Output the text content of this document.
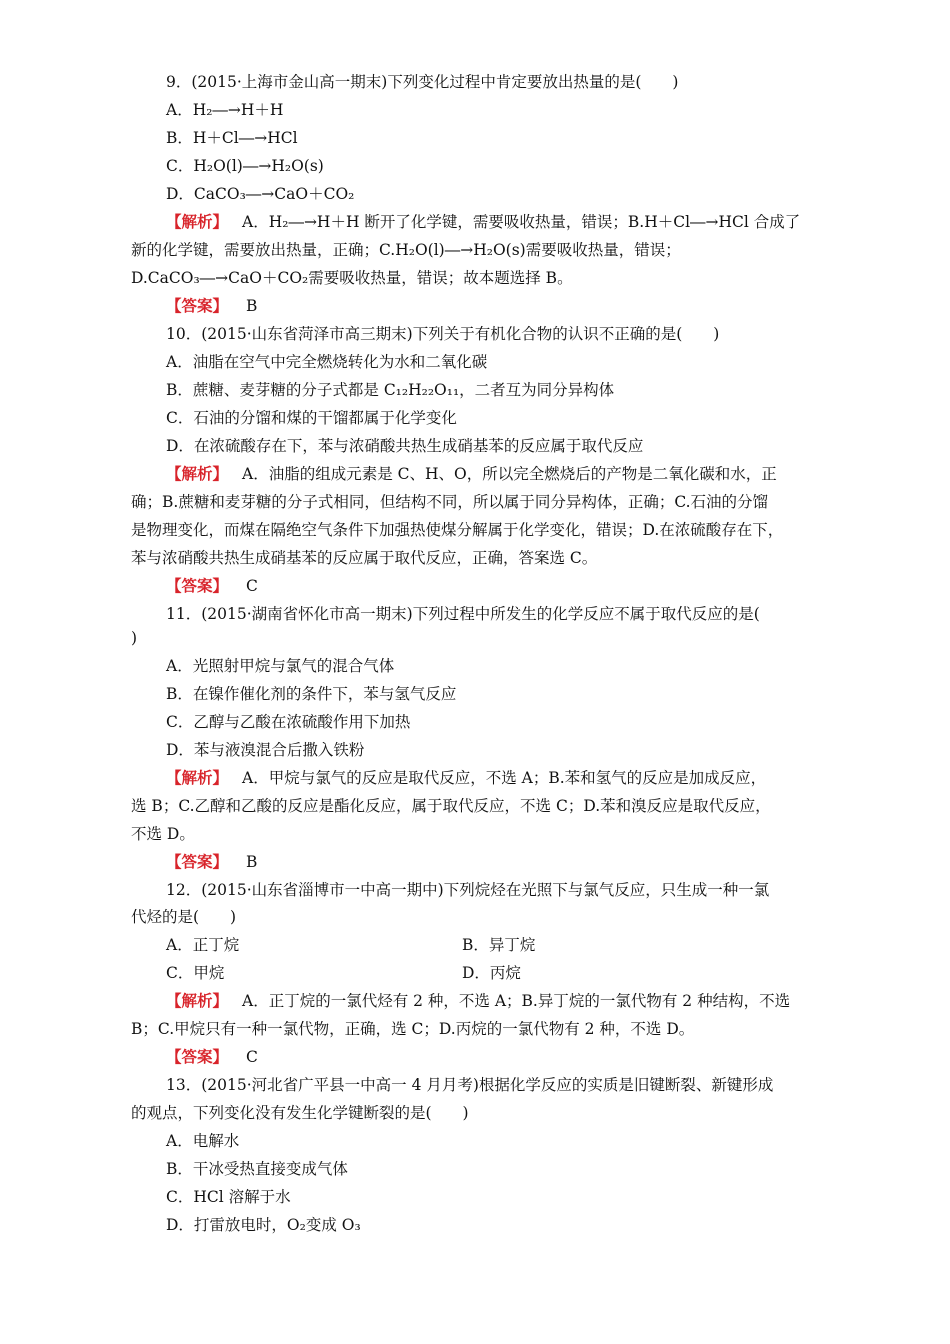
9．(2015·上海市金山高一期末)下列变化过程中肯定要放出热量的是(　　)
A．H₂―→H＋H
B．H＋Cl―→HCl
C．H₂O(l)―→H₂O(s)
D．CaCO₃―→CaO＋CO₂
【解析】 A．H₂―→H＋H 断开了化学键，需要吸收热量，错误；B.H＋Cl―→HCl 合成了
新的化学键，需要放出热量，正确；C.H₂O(l)―→H₂O(s)需要吸收热量，错误；
D.CaCO₃―→CaO＋CO₂需要吸收热量，错误；故本题选择 B。
【答案】 B
10．(2015·山东省菏泽市高三期末)下列关于有机化合物的认识不正确的是(　　)
A．油脂在空气中完全燃烧转化为水和二氧化碳
B．蔗糖、麦芽糖的分子式都是 C₁₂H₂₂O₁₁，二者互为同分异构体
C．石油的分馏和煤的干馏都属于化学变化
D．在浓硫酸存在下，苯与浓硝酸共热生成硝基苯的反应属于取代反应
【解析】 A．油脂的组成元素是 C、H、O，所以完全燃烧后的产物是二氧化碳和水，正
确；B.蔗糖和麦芽糖的分子式相同，但结构不同，所以属于同分异构体，正确；C.石油的分馏
是物理变化，而煤在隔绝空气条件下加强热使煤分解属于化学变化，错误；D.在浓硫酸存在下，
苯与浓硝酸共热生成硝基苯的反应属于取代反应，正确，答案选 C。
【答案】 C
11．(2015·湖南省怀化市高一期末)下列过程中所发生的化学反应不属于取代反应的是(
)
A．光照射甲烷与氯气的混合气体
B．在镍作催化剂的条件下，苯与氢气反应
C．乙醇与乙酸在浓硫酸作用下加热
D．苯与液溴混合后撒入铁粉
【解析】 A．甲烷与氯气的反应是取代反应，不选 A；B.苯和氢气的反应是加成反应，
选 B；C.乙醇和乙酸的反应是酯化反应，属于取代反应，不选 C；D.苯和溴反应是取代反应，
不选 D。
【答案】 B
12．(2015·山东省淄博市一中高一期中)下列烷烃在光照下与氯气反应，只生成一种一氯
代烃的是(　　)
A．正丁烷	B．异丁烷
C．甲烷	D．丙烷
【解析】 A．正丁烷的一氯代烃有 2 种，不选 A；B.异丁烷的一氯代物有 2 种结构，不选
B；C.甲烷只有一种一氯代物，正确，选 C；D.丙烷的一氯代物有 2 种，不选 D。
【答案】 C
13．(2015·河北省广平县一中高一 4 月月考)根据化学反应的实质是旧键断裂、新键形成
的观点，下列变化没有发生化学键断裂的是(　　)
A．电解水
B．干冰受热直接变成气体
C．HCl 溶解于水
D．打雷放电时，O₂变成 O₃
